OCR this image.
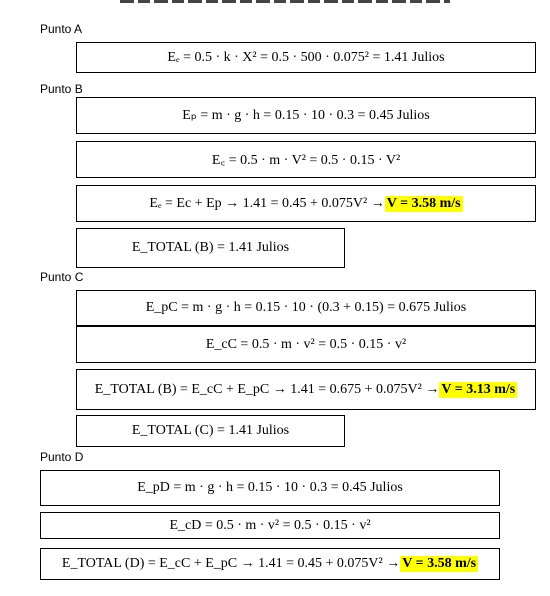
Punto A
Eₑ = 0.5 · k · X² = 0.5 · 500 · 0.075² = 1.41 Julios
Punto B
Eₚ = m · g · h = 0.15 · 10 · 0.3 = 0.45 Julios
E꜀ = 0.5 · m · V² = 0.5 · 0.15 · V²
Eₑ = Ec + Ep → 1.41 = 0.45 + 0.075V² → V = 3.58 m/s
E_TOTAL (B) = 1.41 Julios
Punto C
E_pC = m · g · h = 0.15 · 10 · (0.3 + 0.15) = 0.675 Julios
E_cC = 0.5 · m · v² = 0.5 · 0.15 · v²
E_TOTAL (B) = E_cC + E_pC → 1.41 = 0.675 + 0.075V² → V = 3.13 m/s
E_TOTAL (C) = 1.41 Julios
Punto D
E_pD = m · g · h = 0.15 · 10 · 0.3 = 0.45 Julios
E_cD = 0.5 · m · v² = 0.5 · 0.15 · v²
E_TOTAL (D) = E_cC + E_pC → 1.41 = 0.45 + 0.075V² → V = 3.58 m/s
